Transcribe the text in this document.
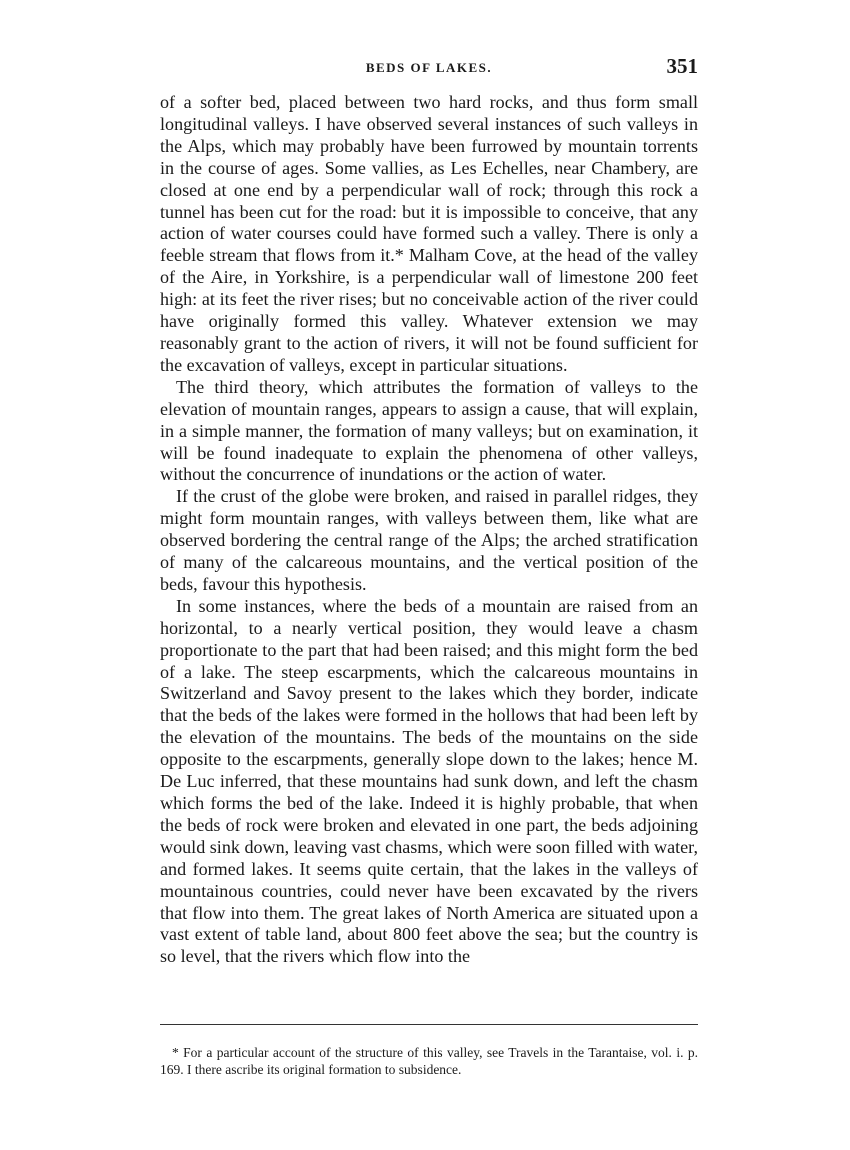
BEDS OF LAKES.	351

of a softer bed, placed between two hard rocks, and thus form small longitudinal valleys. I have observed several instances of such valleys in the Alps, which may probably have been furrowed by mountain torrents in the course of ages. Some vallies, as Les Echelles, near Chambery, are closed at one end by a perpendicular wall of rock; through this rock a tunnel has been cut for the road: but it is impossible to conceive, that any action of water courses could have formed such a valley. There is only a feeble stream that flows from it.* Malham Cove, at the head of the valley of the Aire, in Yorkshire, is a perpendicular wall of limestone 200 feet high: at its feet the river rises; but no conceivable action of the river could have originally formed this valley. Whatever extension we may reasonably grant to the action of rivers, it will not be found sufficient for the excavation of valleys, except in particular situations.

The third theory, which attributes the formation of valleys to the elevation of mountain ranges, appears to assign a cause, that will explain, in a simple manner, the formation of many valleys; but on examination, it will be found inadequate to explain the phenomena of other valleys, without the concurrence of inundations or the action of water.

If the crust of the globe were broken, and raised in parallel ridges, they might form mountain ranges, with valleys between them, like what are observed bordering the central range of the Alps; the arched stratification of many of the calcareous mountains, and the vertical position of the beds, favour this hypothesis.

In some instances, where the beds of a mountain are raised from an horizontal, to a nearly vertical position, they would leave a chasm proportionate to the part that had been raised; and this might form the bed of a lake. The steep escarpments, which the calcareous mountains in Switzerland and Savoy present to the lakes which they border, indicate that the beds of the lakes were formed in the hollows that had been left by the elevation of the mountains. The beds of the mountains on the side opposite to the escarpments, generally slope down to the lakes; hence M. De Luc inferred, that these mountains had sunk down, and left the chasm which forms the bed of the lake. Indeed it is highly probable, that when the beds of rock were broken and elevated in one part, the beds adjoining would sink down, leaving vast chasms, which were soon filled with water, and formed lakes. It seems quite certain, that the lakes in the valleys of mountainous countries, could never have been excavated by the rivers that flow into them. The great lakes of North America are situated upon a vast extent of table land, about 800 feet above the sea; but the country is so level, that the rivers which flow into the

* For a particular account of the structure of this valley, see Travels in the Tarantaise, vol. i. p. 169. I there ascribe its original formation to subsidence.
